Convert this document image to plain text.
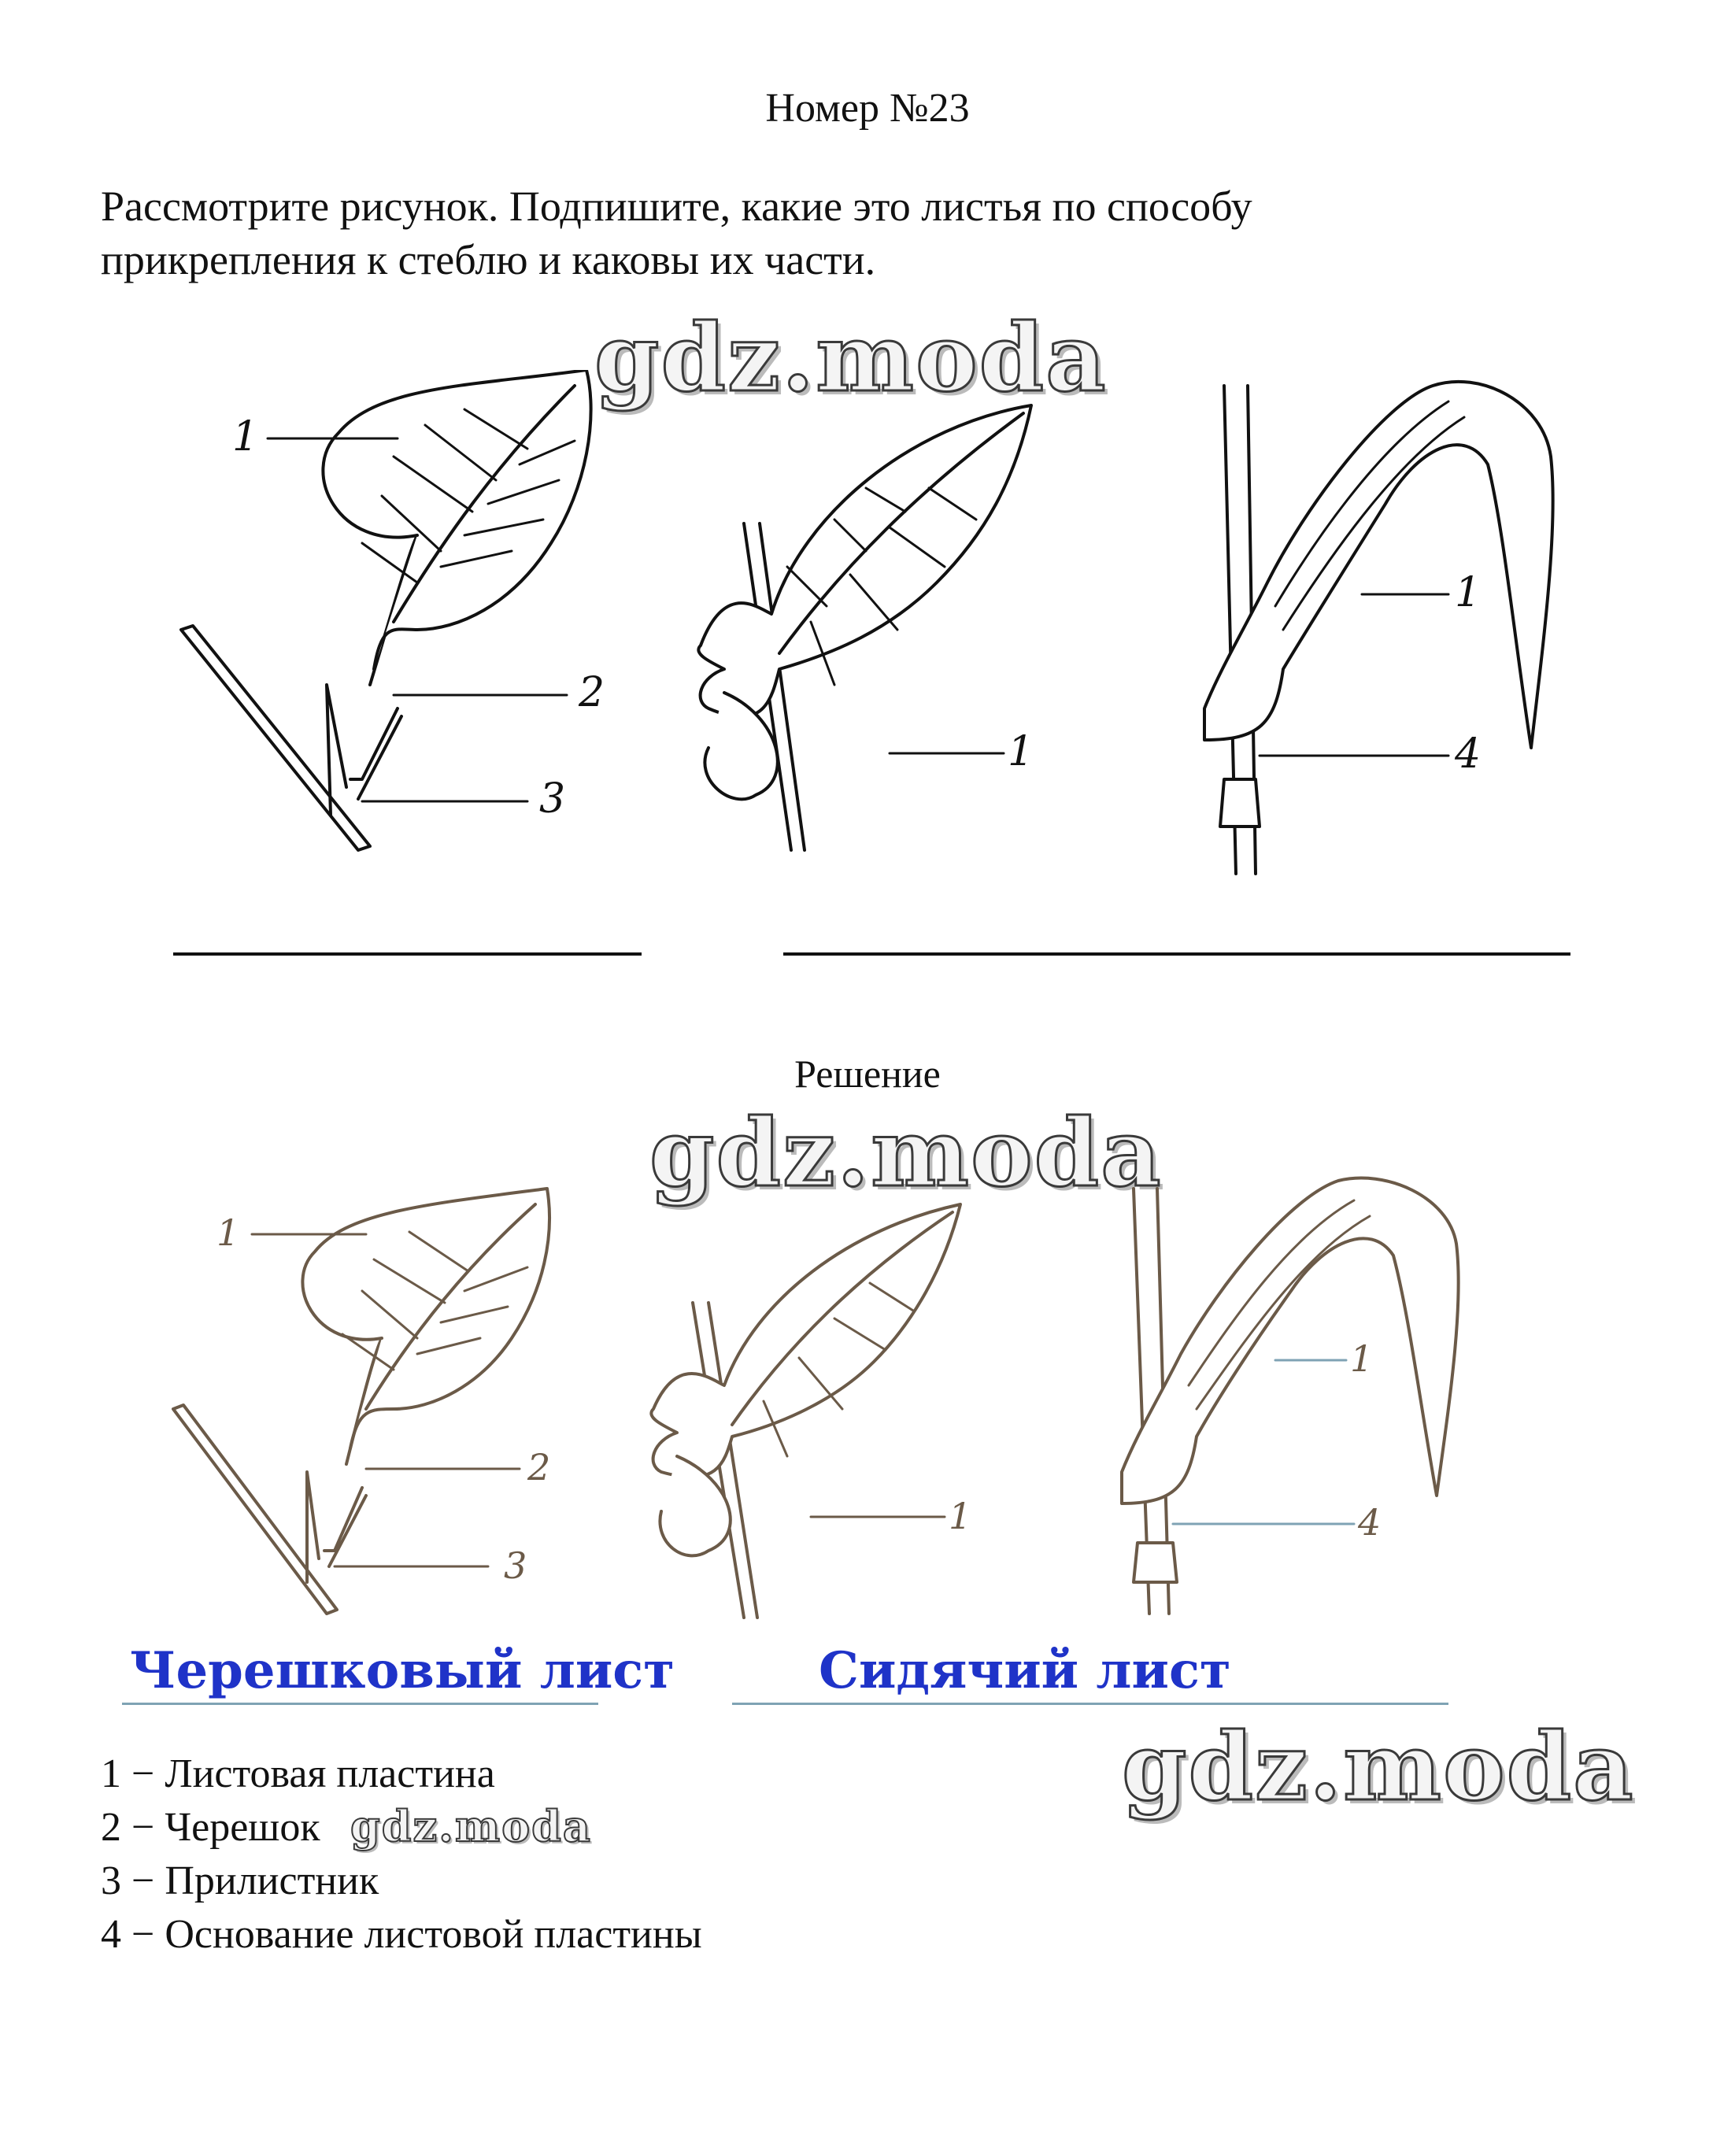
Номер №23
Рассмотрите рисунок. Подпишите, какие это листья по способу
прикрепления к стеблю и каковы их части.
gdz.moda
1
2
3
1
1
4
Решение
gdz.moda
1
2
3
1
1
4
Черешковый лист	Сидячий лист
gdz.moda
1 − Листовая пластина
2 − Черешок
3 − Прилистник
4 − Основание листовой пластины
gdz.moda
